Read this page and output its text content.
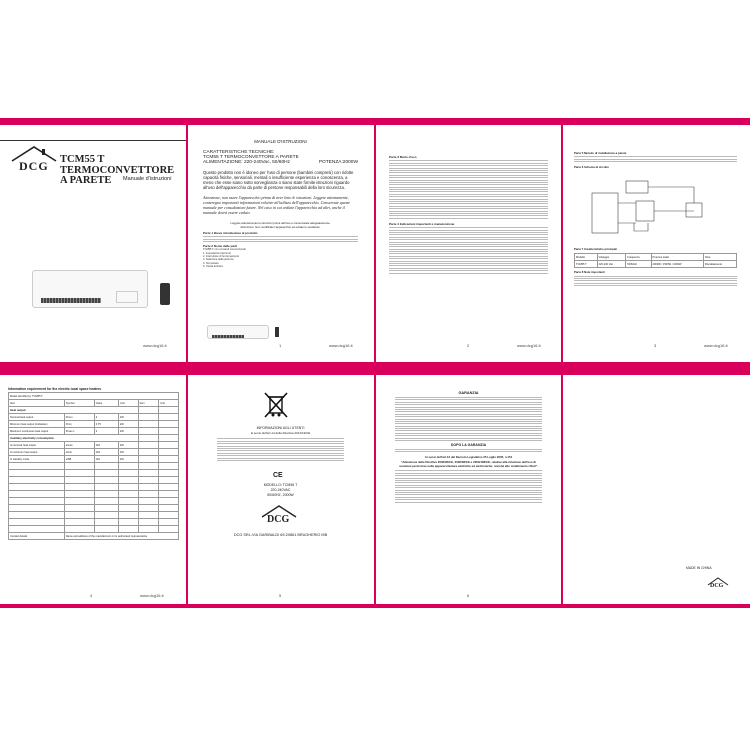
DCG TCM55 T
TERMOCONVETTORE
A PARETE	Manuale d'istruzioni
www.dcg16.it
MANUALE D'ISTRUZIONI
CARATTERISTICHE TECNICHE:
TCM55 T TERMOCONVETTORE A PARETE
ALIMENTAZIONE: 220-240Vac, 50/60Hz	POTENZA:2000W
Questo prodotto non è idoneo per l'uso di persone (bambini compresi) con ridotte capacità fisiche, sensoriali, mentali o insufficiente esperienza e conoscenza, a meno che esse siano sotto sorveglianza o siano state fornite istruzioni riguardo all'uso dell'apparecchio da parte di persone responsabili della loro sicurezza.
Attenzione, non usare l'apparecchio prima di aver letto le istruzioni. Leggete attentamente, conteregno importanti informazioni relative all'utilizzo dell'apparecchio. Conservate queste manuale per consultazioni future. Nel caso in cui cediate l'apparecchio ad altri, anche il manuale dovrà essere ceduto.
Leggete attentamente le istruzioni prima dell'uso e conservatele adeguatamente.
Attenzione: Non modificate l'apparecchio ed evitate le scottature.
Parte 1 Breve introduzione al prodotto
Parte 2 Nome delle parti
TCM55 T con comandi convenzionali
1. Impostazioni del timer
2. Interruttore di funzionamento
3. Selezione della potenza
4. Termostato
5. Uscita dell'aria
1	www.dcg16.it
Parte 3 Modo d'uso
Parte 4 Indicazioni importanti e manutenzione
2	www.dcg16.it
Parte 5 Metodo di installazione a parete
Parte 6 Schema di circuito
Parte 7 Caratteristiche principali
Modello	Voltaggio	Frequenza	Potenza totale	Note
TCM55 T	220-240 Vac	50/60Hz	2000W / 1500W / 1000W	Riscaldamento
Parte 8 Note importanti
3	www.dcg16.it
Information requirement for the electric local space heaters
Model identifier(s): TCM55 T					
Item	Symbol	Value	Unit	Item	Unit
Heat output					
Nominal heat output	Pnom	2	kW		
Minimum heat output (indicative)	Pmin	0.75	kW		
Maximum continuous heat output	Pmax,c	2	kW		
Auxiliary electricity consumption					
At nominal heat output	elmax	N/A	kW		
At minimum heat output	elmin	N/A	kW		
In standby mode	elSB	N/A	kW		

Contact details	Name and address of the manufacturer or its authorised representative				
4	www.dcg16.it
INFORMAZIONI AGLI UTENTI
ai sensi dell'art.14 della Direttiva 2012/19/UE
CE
MODELLO: TCM55 T
220-240VAC
50/60HZ, 2000W
DCG
DCG SRL-VIA GARIBALDI 69-20861 BRUGHERIO MB
5
GARANZIA
DOPO LA GARANZIA
Ai sensi dell'art.13 del Decreto Legislativo 25 Luglio 2005, n.151
"Attuazione delle Direttive 2002/95/CE, 2002/96/CE e 2003/108/CE, relative alla riduzione dell'uso di sostanze pericolose nelle apparecchiature elettriche ed elettroniche, nonché allo smaltimento rifiuti".
6
MADE IN CHINA
DCG
